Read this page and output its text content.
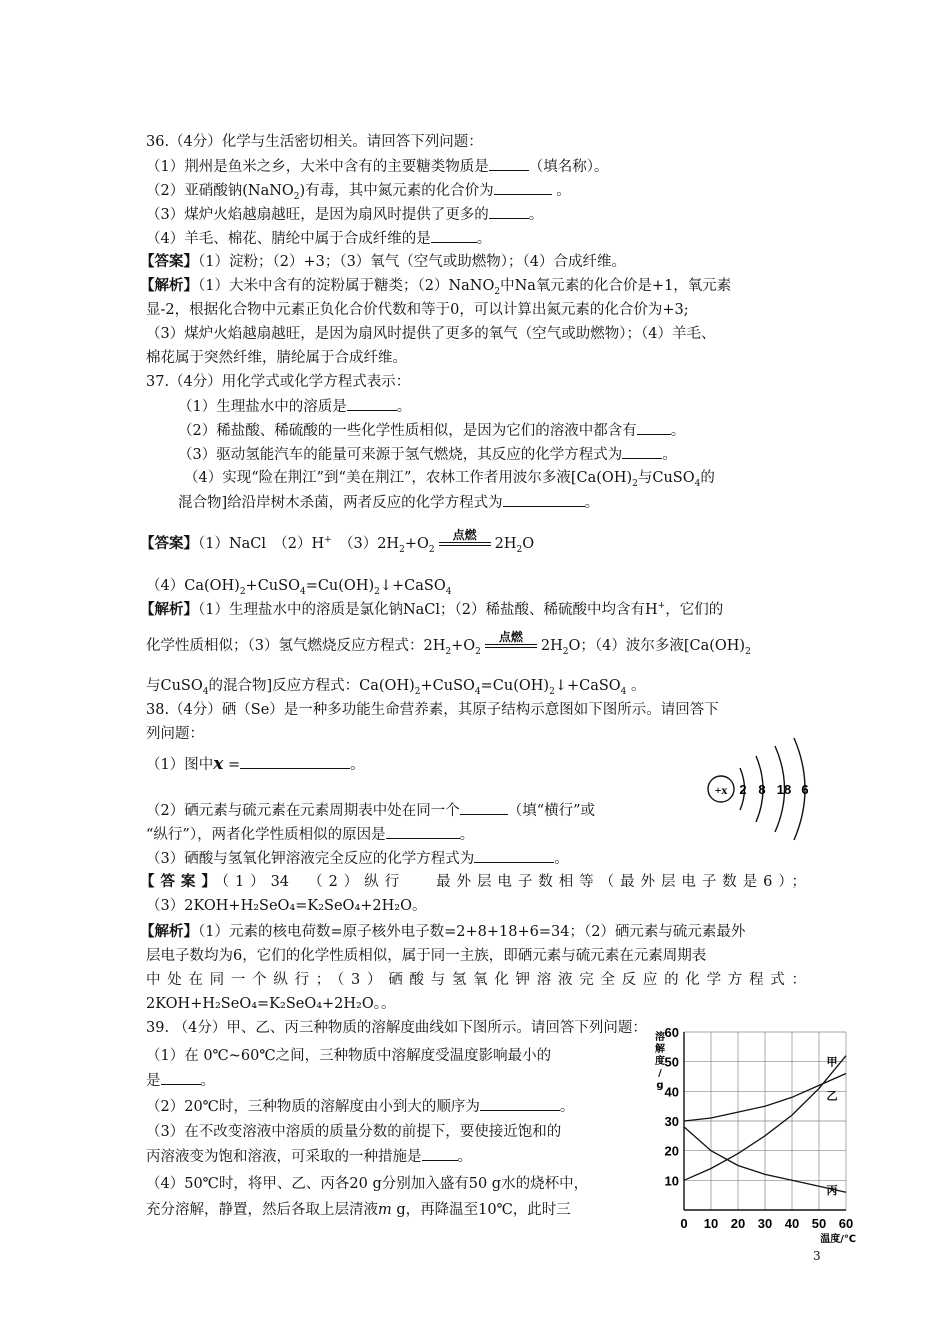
36.（4分）化学与生活密切相关。请回答下列问题：
（1）荆州是鱼米之乡，大米中含有的主要糖类物质是	（填名称）。
（2）亚硝酸钠(NaNO$_2$)有毒，其中氮元素的化合价为	。
（3）煤炉火焰越扇越旺，是因为扇风时提供了更多的	。
（4）羊毛、棉花、腈纶中属于合成纤维的是	。
【答案】（1）淀粉；（2）+3；（3）氧气（空气或助燃物）；（4）合成纤维。
【解析】（1）大米中含有的淀粉属于糖类；（2）NaNO$_2$中Na氧元素的化合价是+1，氧元素
显-2，根据化合物中元素正负化合价代数和等于0，可以计算出氮元素的化合价为+3;
（3）煤炉火焰越扇越旺，是因为扇风时提供了更多的氧气（空气或助燃物）；（4）羊毛、
棉花属于突然纤维，腈纶属于合成纤维。
37.（4分）用化学式或化学方程式表示：
（1）生理盐水中的溶质是	。
（2）稀盐酸、稀硫酸的一些化学性质相似，是因为它们的溶液中都含有 。
（3）驱动氢能汽车的能量可来源于氢气燃烧，其反应的化学方程式为	。
（4）实现“险在荆江”到“美在荆江”，农林工作者用波尔多液[$Ca(OH)_2$与CuSO$_4$的
混合物]给沿岸树木杀菌，两者反应的化学方程式为	。
【答案】（1）NaCl　（2）H+　 $(3)2H_2+O_2$
点燃
$2H_2O$
$(4)Ca(OH)_2+CuSO_4=Cu(OH)_2↓+CaSO_4$
【解析】（1）生理盐水中的溶质是氯化钠NaCl；（2）稀盐酸、稀硫酸中均含有H+，它们的
化学性质相似；（3）氢气燃烧反应方程式：$2H_2+O_2$
点燃
$2H_2O$；（4）波尔多液[$Ca(OH)_2$
与CuSO$_4$的混合物]反应方程式：$Ca(OH)_2+CuSO_4=Cu(OH)_2↓+CaSO_4$ 。
38.（4分）硒（Se）是一种多功能生命营养素，其原子结构示意图如下图所示。请回答下
列问题：
（1）图中x =	。
（2）硒元素与硫元素在元素周期表中处在同一个	（填“横行”或
“纵行”），两者化学性质相似的原因是	。
（3）硒酸与氢氧化钾溶液完全反应的化学方程式为	。
【答案】（1）34　（2）纵行　 最外层电子数相等（最外层电子数是6）；
（3）2KOH+H₂SeO₄=K₂SeO₄+2H₂O。
【解析】（1）元素的核电荷数=原子核外电子数=2+8+18+6=34；（2）硒元素与硫元素最外
层电子数均为6，它们的化学性质相似，属于同一主族，即硒元素与硫元素在元素周期表
中处在同一个纵行；（3）硒酸与氢氧化钾溶液完全反应的化学方程式：
2KOH+H₂SeO₄=K₂SeO₄+2H₂O。。
+x 2 8 18 6
39. （4分）甲、乙、丙三种物质的溶解度曲线如下图所示。请回答下列问题：
（1）在 0℃~60℃之间，三种物质中溶解度受温度影响最小的
是	。
（2）20℃时，三种物质的溶解度由小到大的顺序为	。
（3）在不改变溶液中溶质的质量分数的前提下，要使接近饱和的
丙溶液变为饱和溶液，可采取的一种措施是 。
（4）50℃时，将甲、乙、丙各20 g分别加入盛有50 g水的烧杯中，
充分溶解，静置，然后各取上层清液m g，再降温至10℃，此时三
10
20
30
40
50
60
0 10 20 30 40 50 60
溶
解
度
/
g
温度/℃
甲
乙
丙
3
